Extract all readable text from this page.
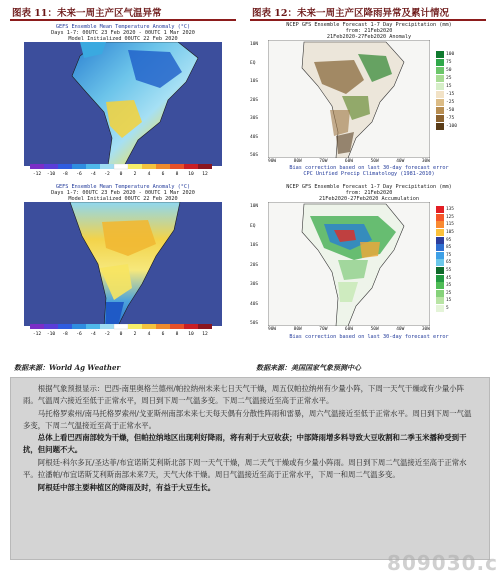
图表 11：未来一周主产区气温异常	图表 12：未来一周主产区降雨异常及累计情况
GEFS Ensemble Mean Temperature Anomaly (°C)
Days 1-7: 00UTC 23 Feb 2020 - 00UTC 1 Mar 2020
Model Initialized 00UTC 22 Feb 2020
-12 -10 -8 -6 -4 -2 0 2 4 6 8 10 12
GEFS Ensemble Mean Temperature Anomaly (°C)
Days 1-7: 00UTC 23 Feb 2020 - 00UTC 1 Mar 2020
Model Initialized 00UTC 22 Feb 2020
-12 -10 -8 -6 -4 -2 0 2 4 6 8 10 12
NCEP GFS Ensemble Forecast 1-7 Day Precipitation (mm)
from: 21Feb2020
21Feb2020-27Feb2020 Anomaly
10N
EQ
10S
20S
30S
40S
50S
90W	80W	70W	60W	50W	40W	30W
100
75
50
25
15
-15
-25
-50
-75
-100
Bias correction based on last 30-day forecast error
CPC Unified Precip Climatology (1981-2010)
NCEP GFS Ensemble Forecast 1-7 Day Precipitation (mm)
from: 21Feb2020
21Feb2020-27Feb2020 Accumulation
10N
EQ
10S
20S
30S
40S
50S
90W	80W	70W	60W	50W	40W	30W
135
125
115
105
95
85
75
65
55
45
35
25
15
5
Bias correction based on last 30-day forecast error
数据来源：World Ag Weather	数据来源：美国国家气象预测中心

根据气象预报显示：巴西-南里奥格兰德州/帕拉纳州未来七日天气干燥，周五仅帕拉纳州有少量小阵，下周一天气干燥或有少量小阵雨。气温周六接近至低于正常水平，周日到下周一气温多变。下周二气温接近至高于正常水平。

马托格罗索州/南马托格罗索州/戈亚斯州南部未来七天每天偶有分散性阵雨和雷暴，周六气温接近至低于正常水平。周日到下周一气温多变，下周二气温接近至高于正常水平。

总体上看巴西南部较为干燥，但帕拉纳地区出现利好降雨，将有利于大豆收获；中部降雨增多料导致大豆收割和二季玉米播种受到干扰，但问题不大。

阿根廷-科尔多瓦/圣达菲/布宜诺斯艾利斯北部下周一天气干燥，周二天气干燥或有少量小阵雨。周日到下周二气温接近至高于正常水平。拉潘帕/布宜诺斯艾利斯南部未来7天，天气大体干燥。周日气温接近至高于正常水平，下周一和周二气温多变。

阿根廷中部主要种植区的降雨及时，有益于大豆生长。

809030.c
